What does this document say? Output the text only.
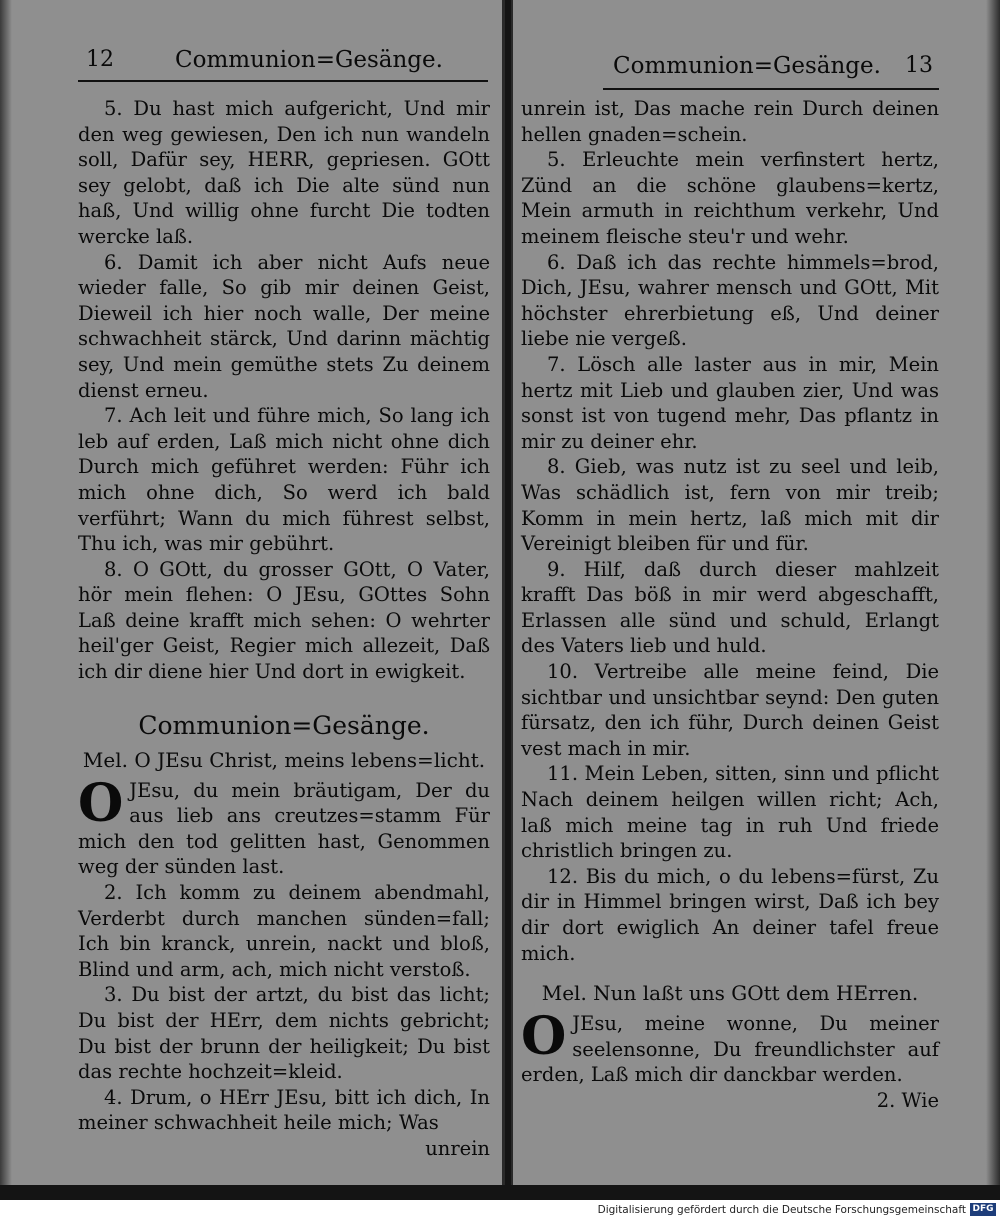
12	Communion=Gesänge.

5. Du hast mich aufgericht, Und mir den weg gewiesen, Den ich nun wandeln soll, Dafür sey, HERR, gepriesen. GOtt sey gelobt, daß ich Die alte sünd nun haß, Und willig ohne furcht Die todten wercke laß.

6. Damit ich aber nicht Aufs neue wieder falle, So gib mir deinen Geist, Dieweil ich hier noch walle, Der meine schwachheit stärck, Und darinn mächtig sey, Und mein gemüthe stets Zu deinem dienst erneu.

7. Ach leit und führe mich, So lang ich leb auf erden, Laß mich nicht ohne dich Durch mich geführet werden: Führ ich mich ohne dich, So werd ich bald verführt; Wann du mich führest selbst, Thu ich, was mir gebührt.

8. O GOtt, du grosser GOtt, O Vater, hör mein flehen: O JEsu, GOttes Sohn Laß deine krafft mich sehen: O wehrter heil'ger Geist, Regier mich allezeit, Daß ich dir diene hier Und dort in ewigkeit.

Communion=Gesänge.
Mel. O JEsu Christ, meins lebens=licht.

O JEsu, du mein bräutigam, Der du aus lieb ans creutzes=stamm Für mich den tod gelitten hast, Genommen weg der sünden last.

2. Ich komm zu deinem abendmahl, Verderbt durch manchen sünden=fall; Ich bin kranck, unrein, nackt und bloß, Blind und arm, ach, mich nicht verstoß.

3. Du bist der artzt, du bist das licht; Du bist der HErr, dem nichts gebricht; Du bist der brunn der heiligkeit; Du bist das rechte hochzeit=kleid.

4. Drum, o HErr JEsu, bitt ich dich, In meiner schwachheit heile mich; Was

unrein

Communion=Gesänge. 13

unrein ist, Das mache rein Durch deinen hellen gnaden=schein.

5. Erleuchte mein verfinstert hertz, Zünd an die schöne glaubens=kertz, Mein armuth in reichthum verkehr, Und meinem fleische steu'r und wehr.

6. Daß ich das rechte himmels=brod, Dich, JEsu, wahrer mensch und GOtt, Mit höchster ehrerbietung eß, Und deiner liebe nie vergeß.

7. Lösch alle laster aus in mir, Mein hertz mit Lieb und glauben zier, Und was sonst ist von tugend mehr, Das pflantz in mir zu deiner ehr.

8. Gieb, was nutz ist zu seel und leib, Was schädlich ist, fern von mir treib; Komm in mein hertz, laß mich mit dir Vereinigt bleiben für und für.

9. Hilf, daß durch dieser mahlzeit krafft Das böß in mir werd abgeschafft, Erlassen alle sünd und schuld, Erlangt des Vaters lieb und huld.

10. Vertreibe alle meine feind, Die sichtbar und unsichtbar seynd: Den guten fürsatz, den ich führ, Durch deinen Geist vest mach in mir.

11. Mein Leben, sitten, sinn und pflicht Nach deinem heilgen willen richt; Ach, laß mich meine tag in ruh Und friede christlich bringen zu.

12. Bis du mich, o du lebens=fürst, Zu dir in Himmel bringen wirst, Daß ich bey dir dort ewiglich An deiner tafel freue mich.

Mel. Nun laßt uns GOtt dem HErren.

O JEsu, meine wonne, Du meiner seelensonne, Du freundlichster auf erden, Laß mich dir danckbar werden.

2. Wie

Digitalisierung gefördert durch die Deutsche Forschungsgemeinschaft DFG
